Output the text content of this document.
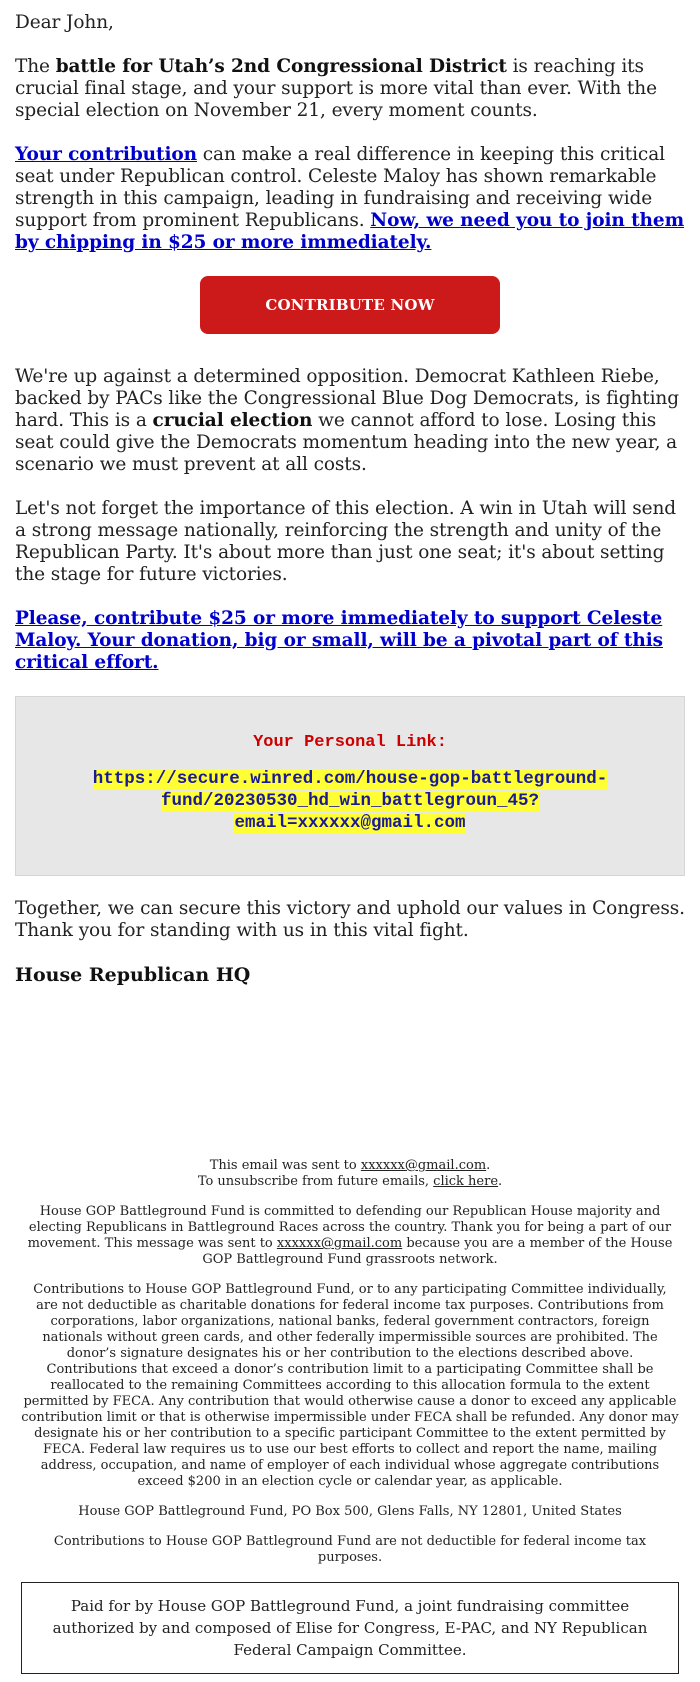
Dear John,

The battle for Utah’s 2nd Congressional District is reaching its crucial final stage, and your support is more vital than ever. With the special election on November 21, every moment counts.

Your contribution can make a real difference in keeping this critical seat under Republican control. Celeste Maloy has shown remarkable strength in this campaign, leading in fundraising and receiving wide support from prominent Republicans. Now, we need you to join them by chipping in $25 or more immediately.

CONTRIBUTE NOW

We're up against a determined opposition. Democrat Kathleen Riebe, backed by PACs like the Congressional Blue Dog Democrats, is fighting hard. This is a crucial election we cannot afford to lose. Losing this seat could give the Democrats momentum heading into the new year, a scenario we must prevent at all costs.

Let's not forget the importance of this election. A win in Utah will send a strong message nationally, reinforcing the strength and unity of the Republican Party. It's about more than just one seat; it's about setting the stage for future victories.

Please, contribute $25 or more immediately to support Celeste Maloy. Your donation, big or small, will be a pivotal part of this critical effort.

Your Personal Link:
https://secure.winred.com/house-gop-battleground-fund/20230530_hd_win_battlegroun_45?email=xxxxxx@gmail.com

Together, we can secure this victory and uphold our values in Congress. Thank you for standing with us in this vital fight.

House Republican HQ

This email was sent to xxxxxx@gmail.com.
To unsubscribe from future emails, click here.

House GOP Battleground Fund is committed to defending our Republican House majority and electing Republicans in Battleground Races across the country. Thank you for being a part of our movement. This message was sent to xxxxxx@gmail.com because you are a member of the House GOP Battleground Fund grassroots network.

Contributions to House GOP Battleground Fund, or to any participating Committee individually, are not deductible as charitable donations for federal income tax purposes. Contributions from corporations, labor organizations, national banks, federal government contractors, foreign nationals without green cards, and other federally impermissible sources are prohibited. The donor’s signature designates his or her contribution to the elections described above. Contributions that exceed a donor’s contribution limit to a participating Committee shall be reallocated to the remaining Committees according to this allocation formula to the extent permitted by FECA. Any contribution that would otherwise cause a donor to exceed any applicable contribution limit or that is otherwise impermissible under FECA shall be refunded. Any donor may designate his or her contribution to a specific participant Committee to the extent permitted by FECA. Federal law requires us to use our best efforts to collect and report the name, mailing address, occupation, and name of employer of each individual whose aggregate contributions exceed $200 in an election cycle or calendar year, as applicable.

House GOP Battleground Fund, PO Box 500, Glens Falls, NY 12801, United States

Contributions to House GOP Battleground Fund are not deductible for federal income tax purposes.

Paid for by House GOP Battleground Fund, a joint fundraising committee authorized by and composed of Elise for Congress, E-PAC, and NY Republican Federal Campaign Committee.
